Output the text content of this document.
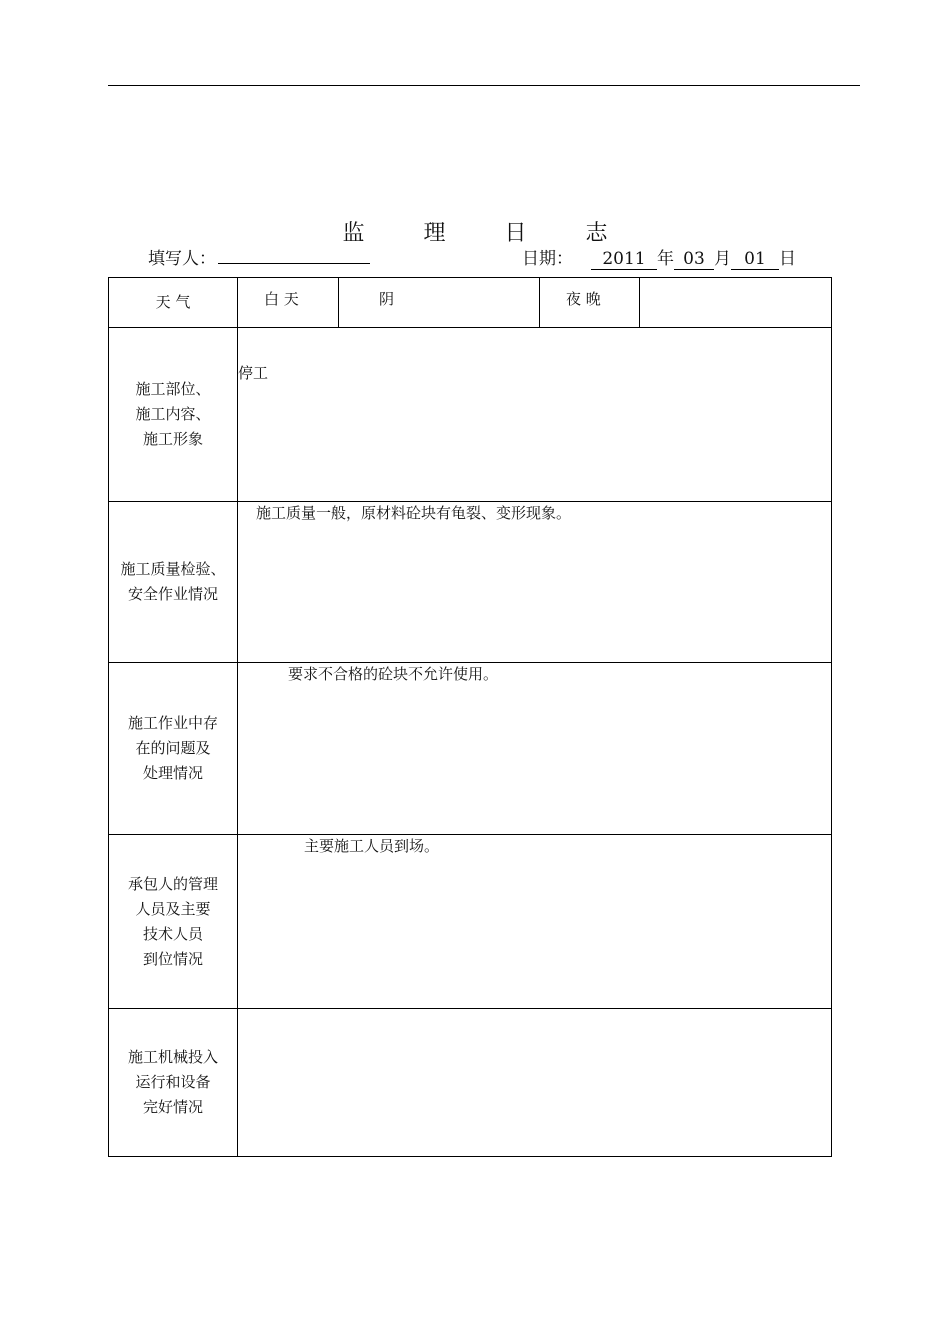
监 理 日 志
填写人：	日期：	2011 年 03 月 01 日
天 气	白 天	阴	夜 晚	

施工部位、
施工内容、
施工形象	停工			

施工质量检验、
安全作业情况	施工质量一般，原材料砼块有龟裂、变形现象。			

施工作业中存
在的问题及
处理情况	要求不合格的砼块不允许使用。			

承包人的管理
人员及主要
技术人员
到位情况	主要施工人员到场。			

施工机械投入
运行和设备
完好情况				
